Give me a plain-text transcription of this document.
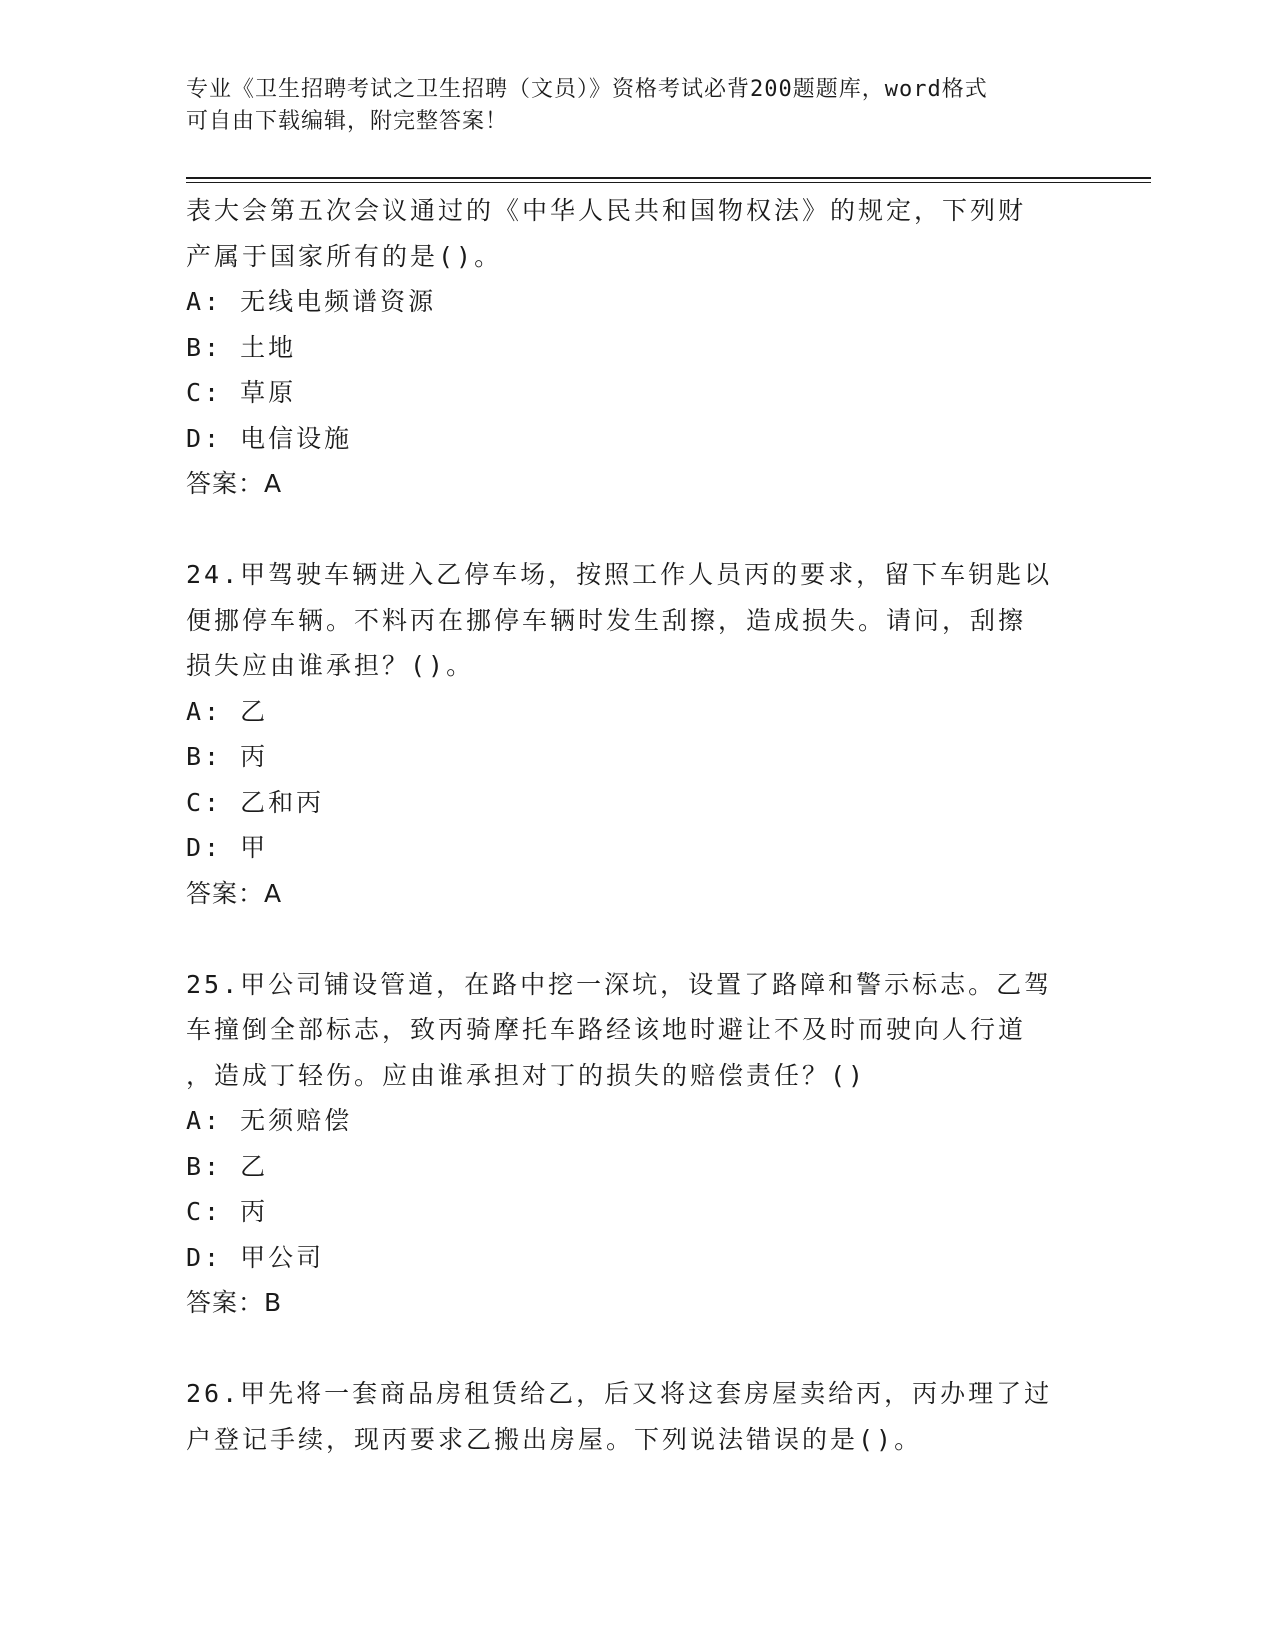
专业《卫生招聘考试之卫生招聘（文员）》资格考试必背200题题库，word格式
可自由下载编辑，附完整答案！
表大会第五次会议通过的《中华人民共和国物权法》的规定，下列财
产属于国家所有的是()。
A: 无线电频谱资源
B: 土地
C: 草原
D: 电信设施
答案：A
24.甲驾驶车辆进入乙停车场，按照工作人员丙的要求，留下车钥匙以
便挪停车辆。不料丙在挪停车辆时发生刮擦，造成损失。请问，刮擦
损失应由谁承担？()。
A: 乙
B: 丙
C: 乙和丙
D: 甲
答案：A
25.甲公司铺设管道，在路中挖一深坑，设置了路障和警示标志。乙驾
车撞倒全部标志，致丙骑摩托车路经该地时避让不及时而驶向人行道
，造成丁轻伤。应由谁承担对丁的损失的赔偿责任？()
A: 无须赔偿
B: 乙
C: 丙
D: 甲公司
答案：B
26.甲先将一套商品房租赁给乙，后又将这套房屋卖给丙，丙办理了过
户登记手续，现丙要求乙搬出房屋。下列说法错误的是()。
